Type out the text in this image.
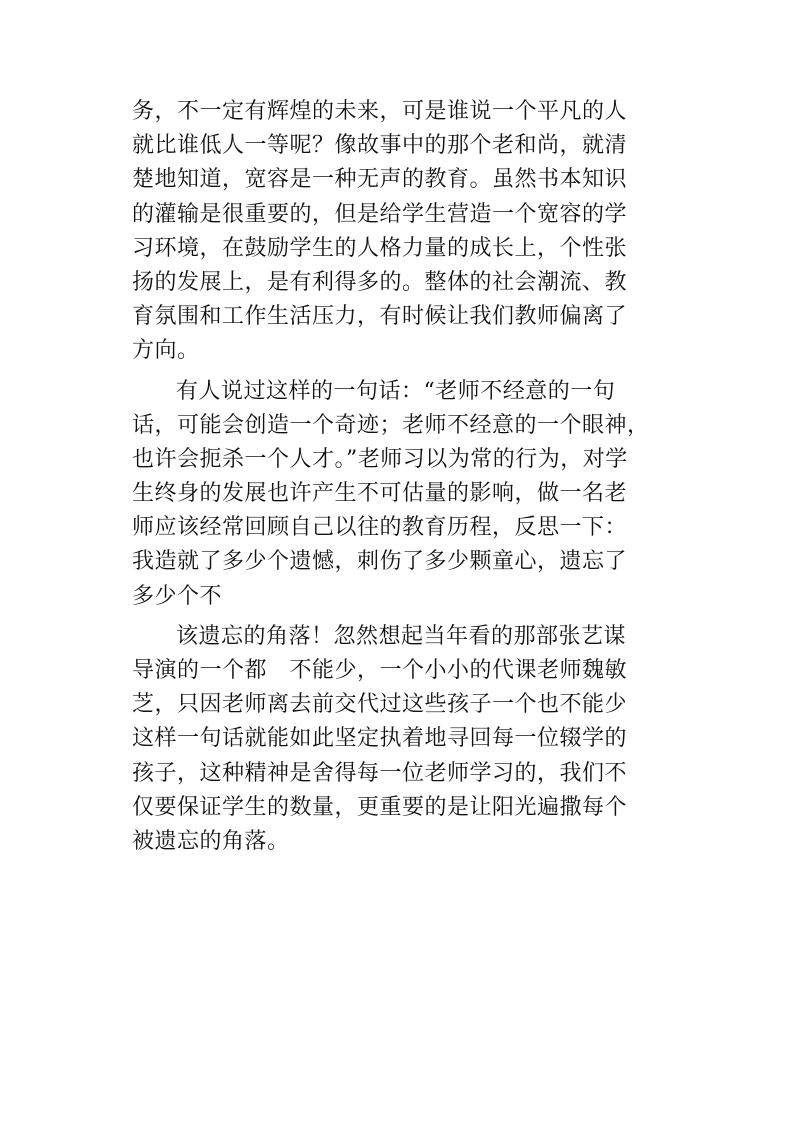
务，不一定有辉煌的未来，可是谁说一个平凡的人
就比谁低人一等呢？像故事中的那个老和尚，就清
楚地知道，宽容是一种无声的教育。虽然书本知识
的灌输是很重要的，但是给学生营造一个宽容的学
习环境，在鼓励学生的人格力量的成长上，个性张
扬的发展上，是有利得多的。整体的社会潮流、教
育氛围和工作生活压力，有时候让我们教师偏离了
方向。
有人说过这样的一句话：“老师不经意的一句
话，可能会创造一个奇迹；老师不经意的一个眼神，
也许会扼杀一个人才。”老师习以为常的行为，对学
生终身的发展也许产生不可估量的影响，做一名老
师应该经常回顾自己以往的教育历程，反思一下：
我造就了多少个遗憾，刺伤了多少颗童心，遗忘了
多少个不
该遗忘的角落！忽然想起当年看的那部张艺谋
导演的一个都　不能少，一个小小的代课老师魏敏
芝，只因老师离去前交代过这些孩子一个也不能少
这样一句话就能如此坚定执着地寻回每一位辍学的
孩子，这种精神是舍得每一位老师学习的，我们不
仅要保证学生的数量，更重要的是让阳光遍撒每个
被遗忘的角落。
